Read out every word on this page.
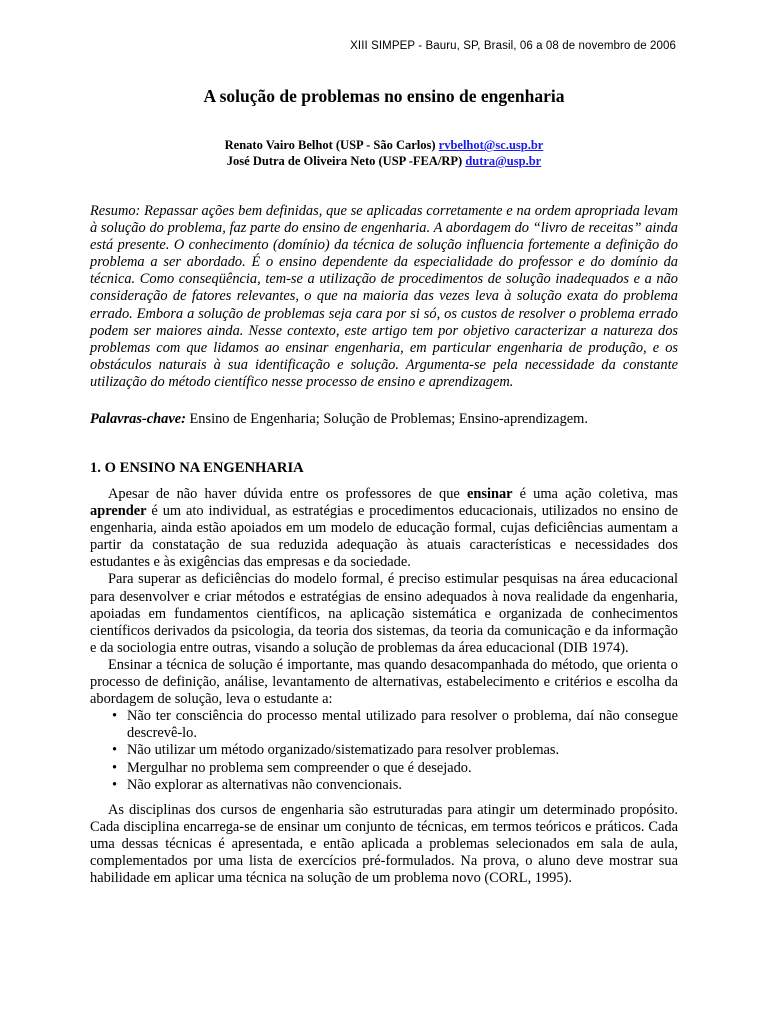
XIII SIMPEP - Bauru, SP, Brasil, 06 a 08 de novembro de 2006
A solução de problemas no ensino de engenharia
Renato Vairo Belhot (USP - São Carlos) rvbelhot@sc.usp.br
José Dutra de Oliveira Neto (USP -FEA/RP) dutra@usp.br
Resumo: Repassar ações bem definidas, que se aplicadas corretamente e na ordem apropriada levam à solução do problema, faz parte do ensino de engenharia. A abordagem do “livro de receitas” ainda está presente. O conhecimento (domínio) da técnica de solução influencia fortemente a definição do problema a ser abordado. É o ensino dependente da especialidade do professor e do domínio da técnica. Como conseqüência, tem-se a utilização de procedimentos de solução inadequados e a não consideração de fatores relevantes, o que na maioria das vezes leva à solução exata do problema errado. Embora a solução de problemas seja cara por si só, os custos de resolver o problema errado podem ser maiores ainda. Nesse contexto, este artigo tem por objetivo caracterizar a natureza dos problemas com que lidamos ao ensinar engenharia, em particular engenharia de produção, e os obstáculos naturais à sua identificação e solução. Argumenta-se pela necessidade da constante utilização do método científico nesse processo de ensino e aprendizagem.
Palavras-chave: Ensino de Engenharia; Solução de Problemas; Ensino-aprendizagem.
1. O ENSINO NA ENGENHARIA

Apesar de não haver dúvida entre os professores de que ensinar é uma ação coletiva, mas aprender é um ato individual, as estratégias e procedimentos educacionais, utilizados no ensino de engenharia, ainda estão apoiados em um modelo de educação formal, cujas deficiências aumentam a partir da constatação de sua reduzida adequação às atuais características e necessidades dos estudantes e às exigências das empresas e da sociedade.

Para superar as deficiências do modelo formal, é preciso estimular pesquisas na área educacional para desenvolver e criar métodos e estratégias de ensino adequados à nova realidade da engenharia, apoiadas em fundamentos científicos, na aplicação sistemática e organizada de conhecimentos científicos derivados da psicologia, da teoria dos sistemas, da teoria da comunicação e da informação e da sociologia entre outras, visando a solução de problemas da área educacional (DIB 1974).

Ensinar a técnica de solução é importante, mas quando desacompanhada do método, que orienta o processo de definição, análise, levantamento de alternativas, estabelecimento e critérios e escolha da abordagem de solução, leva o estudante a:

• Não ter consciência do processo mental utilizado para resolver o problema, daí não consegue descrevê-lo.
• Não utilizar um método organizado/sistematizado para resolver problemas.
• Mergulhar no problema sem compreender o que é desejado.
• Não explorar as alternativas não convencionais.

As disciplinas dos cursos de engenharia são estruturadas para atingir um determinado propósito. Cada disciplina encarrega-se de ensinar um conjunto de técnicas, em termos teóricos e práticos. Cada uma dessas técnicas é apresentada, e então aplicada a problemas selecionados em sala de aula, complementados por uma lista de exercícios pré-formulados. Na prova, o aluno deve mostrar sua habilidade em aplicar uma técnica na solução de um problema novo (CORL, 1995).
